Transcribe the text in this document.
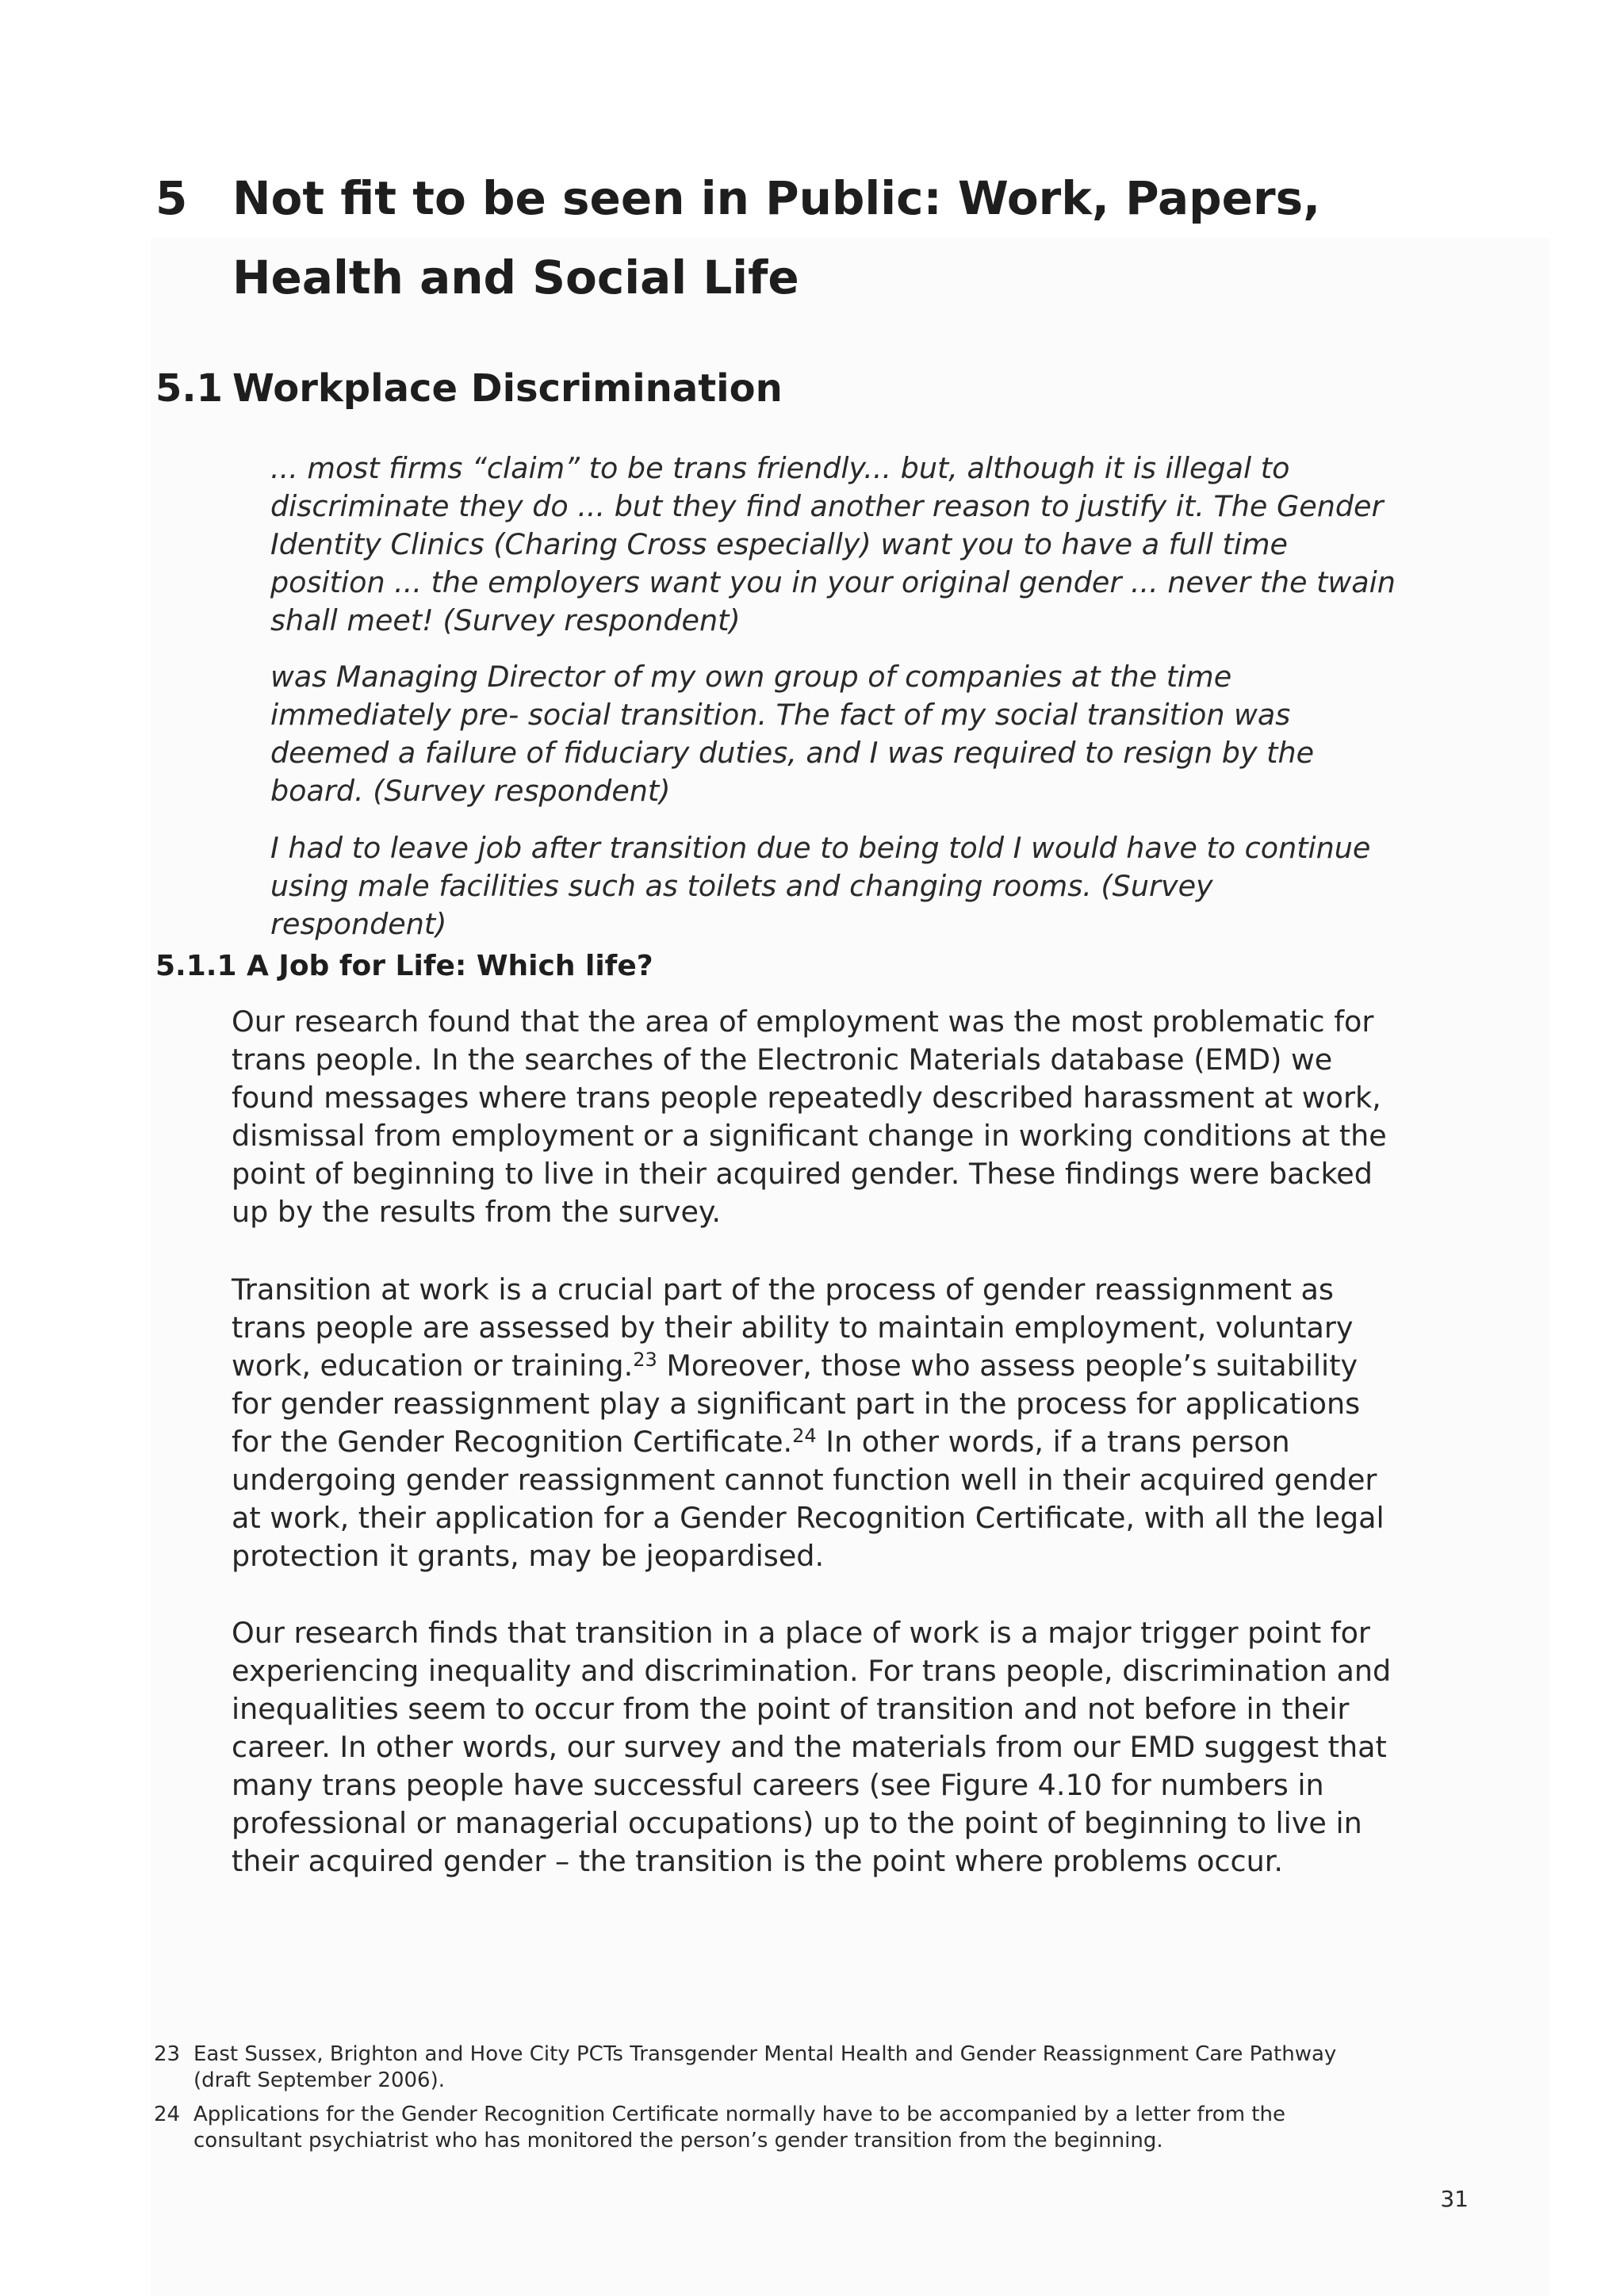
5 Not fit to be seen in Public: Work, Papers, Health and Social Life
5.1 Workplace Discrimination
... most firms “claim” to be trans friendly... but, although it is illegal to discriminate they do ... but they find another reason to justify it. The Gender Identity Clinics (Charing Cross especially) want you to have a full time position ... the employers want you in your original gender ... never the twain shall meet! (Survey respondent)
was Managing Director of my own group of companies at the time immediately pre- social transition. The fact of my social transition was deemed a failure of fiduciary duties, and I was required to resign by the board. (Survey respondent)
I had to leave job after transition due to being told I would have to continue using male facilities such as toilets and changing rooms. (Survey respondent)
5.1.1 A Job for Life: Which life?
Our research found that the area of employment was the most problematic for trans people. In the searches of the Electronic Materials database (EMD) we found messages where trans people repeatedly described harassment at work, dismissal from employment or a significant change in working conditions at the point of beginning to live in their acquired gender. These findings were backed up by the results from the survey.
Transition at work is a crucial part of the process of gender reassignment as trans people are assessed by their ability to maintain employment, voluntary work, education or training.$^{23}$ Moreover, those who assess people’s suitability for gender reassignment play a significant part in the process for applications for the Gender Recognition Certificate.$^{24}$ In other words, if a trans person undergoing gender reassignment cannot function well in their acquired gender at work, their application for a Gender Recognition Certificate, with all the legal protection it grants, may be jeopardised.
Our research finds that transition in a place of work is a major trigger point for experiencing inequality and discrimination. For trans people, discrimination and inequalities seem to occur from the point of transition and not before in their career. In other words, our survey and the materials from our EMD suggest that many trans people have successful careers (see Figure 4.10 for numbers in professional or managerial occupations) up to the point of beginning to live in their acquired gender – the transition is the point where problems occur.
23 East Sussex, Brighton and Hove City PCTs Transgender Mental Health and Gender Reassignment Care Pathway (draft September 2006).
24 Applications for the Gender Recognition Certificate normally have to be accompanied by a letter from the consultant psychiatrist who has monitored the person’s gender transition from the beginning.
31
